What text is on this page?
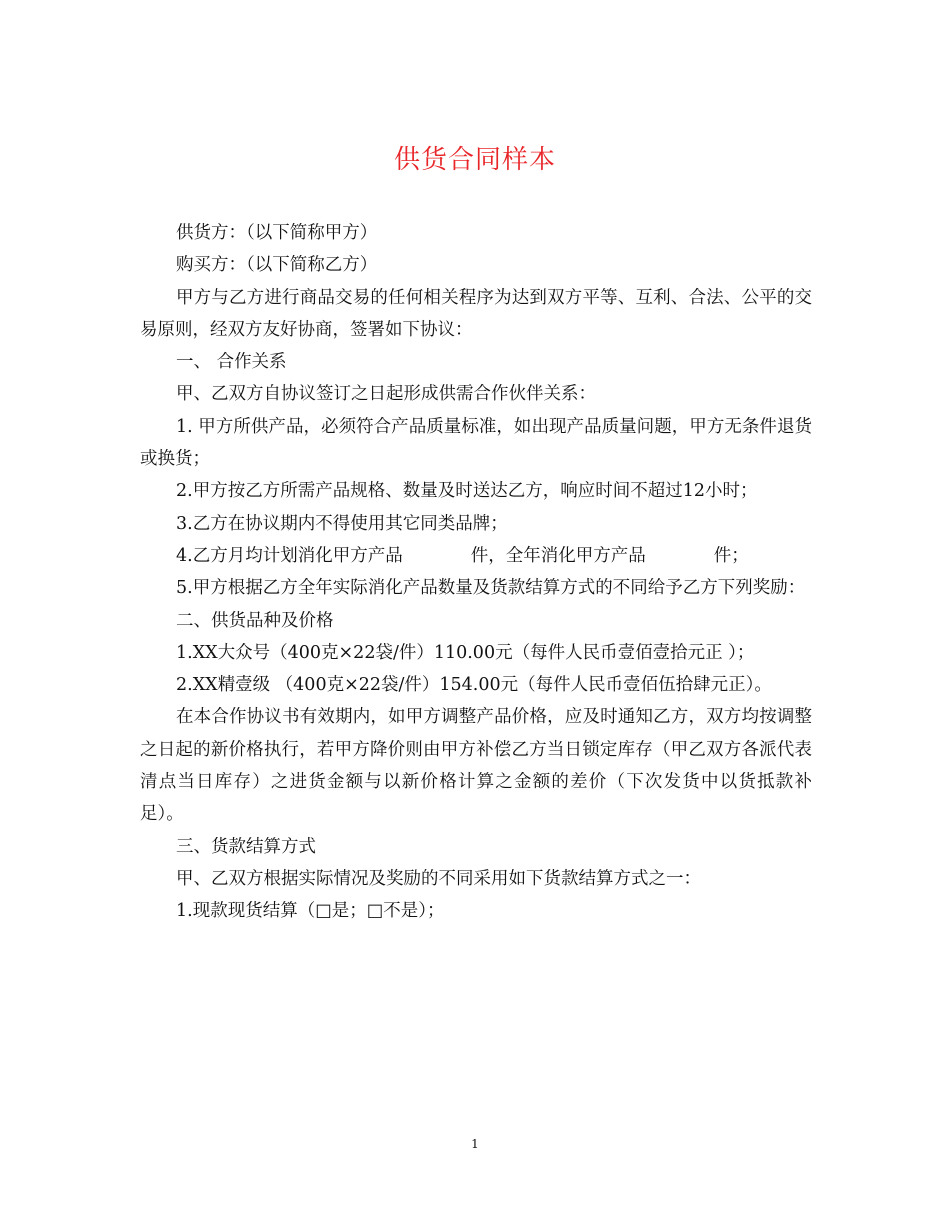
供货合同样本

供货方：（以下简称甲方）

购买方：（以下简称乙方）

甲方与乙方进行商品交易的任何相关程序为达到双方平等、互利、合法、公平的交易原则，经双方友好协商，签署如下协议：

一、 合作关系

甲、乙双方自协议签订之日起形成供需合作伙伴关系：

1. 甲方所供产品，必须符合产品质量标准，如出现产品质量问题，甲方无条件退货或换货；

2.甲方按乙方所需产品规格、数量及时送达乙方，响应时间不超过12小时；

3.乙方在协议期内不得使用其它同类品牌；

4.乙方月均计划消化甲方产品	件，全年消化甲方产品	件；

5.甲方根据乙方全年实际消化产品数量及货款结算方式的不同给予乙方下列奖励：

二、供货品种及价格

1.XX大众号（400克×22袋/件）110.00元（每件人民币壹佰壹拾元正 ）；

2.XX精壹级 （400克×22袋/件）154.00元（每件人民币壹佰伍拾肆元正）。

在本合作协议书有效期内，如甲方调整产品价格，应及时通知乙方，双方均按调整之日起的新价格执行，若甲方降价则由甲方补偿乙方当日锁定库存（甲乙双方各派代表清点当日库存）之进货金额与以新价格计算之金额的差价（下次发货中以货抵款补足）。

三、货款结算方式

甲、乙双方根据实际情况及奖励的不同采用如下货款结算方式之一：

1.现款现货结算（□是；□不是）；

1
